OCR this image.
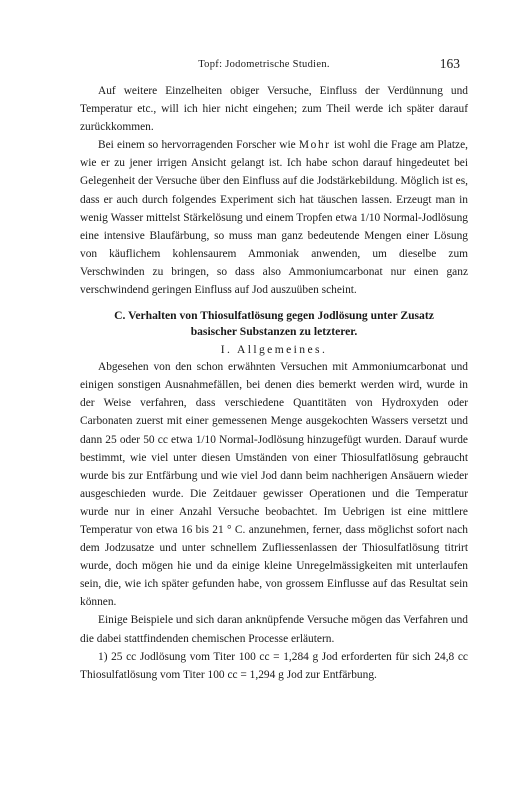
Topf: Jodometrische Studien.	163

Auf weitere Einzelheiten obiger Versuche, Einfluss der Verdünnung und Temperatur etc., will ich hier nicht eingehen; zum Theil werde ich später darauf zurückkommen.

Bei einem so hervorragenden Forscher wie Mohr ist wohl die Frage am Platze, wie er zu jener irrigen Ansicht gelangt ist. Ich habe schon darauf hingedeutet bei Gelegenheit der Versuche über den Einfluss auf die Jodstärkebildung. Möglich ist es, dass er auch durch folgendes Experiment sich hat täuschen lassen. Erzeugt man in wenig Wasser mittelst Stärkelösung und einem Tropfen etwa 1/10 Normal-Jodlösung eine intensive Blaufärbung, so muss man ganz bedeutende Mengen einer Lösung von käuflichem kohlensaurem Ammoniak anwenden, um dieselbe zum Verschwinden zu bringen, so dass also Ammoniumcarbonat nur einen ganz verschwindend geringen Einfluss auf Jod auszuüben scheint.

C. Verhalten von Thiosulfatlösung gegen Jodlösung unter Zusatz
basischer Substanzen zu letzterer.
I. Allgemeines.

Abgesehen von den schon erwähnten Versuchen mit Ammoniumcarbonat und einigen sonstigen Ausnahmefällen, bei denen dies bemerkt werden wird, wurde in der Weise verfahren, dass verschiedene Quantitäten von Hydroxyden oder Carbonaten zuerst mit einer gemessenen Menge ausgekochten Wassers versetzt und dann 25 oder 50 cc etwa 1/10 Normal-Jodlösung hinzugefügt wurden. Darauf wurde bestimmt, wie viel unter diesen Umständen von einer Thiosulfatlösung gebraucht wurde bis zur Entfärbung und wie viel Jod dann beim nachherigen Ansäuern wieder ausgeschieden wurde. Die Zeitdauer gewisser Operationen und die Temperatur wurde nur in einer Anzahl Versuche beobachtet. Im Uebrigen ist eine mittlere Temperatur von etwa 16 bis 21 ° C. anzunehmen, ferner, dass möglichst sofort nach dem Jodzusatze und unter schnellem Zufliessenlassen der Thiosulfatlösung titrirt wurde, doch mögen hie und da einige kleine Unregelmässigkeiten mit unterlaufen sein, die, wie ich später gefunden habe, von grossem Einflusse auf das Resultat sein können.

Einige Beispiele und sich daran anknüpfende Versuche mögen das Verfahren und die dabei stattfindenden chemischen Processe erläutern.

1) 25 cc Jodlösung vom Titer 100 cc = 1,284 g Jod erforderten für sich 24,8 cc Thiosulfatlösung vom Titer 100 cc = 1,294 g Jod zur Entfärbung.
